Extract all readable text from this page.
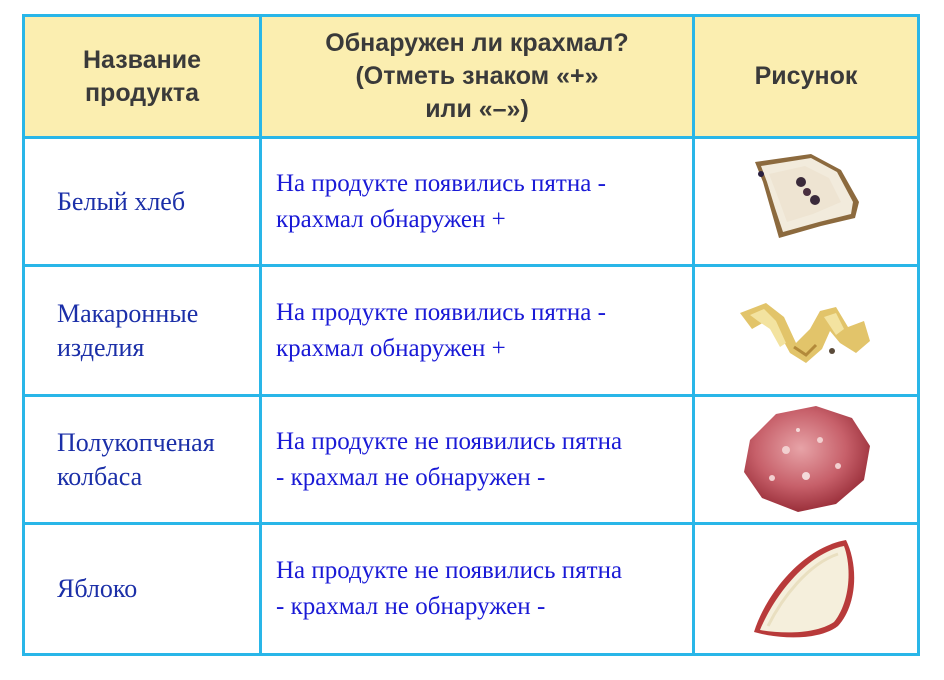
Название
продукта
Обнаружен ли крахмал?
(Отметь знаком «+»
или «–»)
Рисунок
Белый хлеб
На продукте появились пятна -
крахмал обнаружен +
Макаронные
изделия
На продукте появились пятна -
крахмал обнаружен +
Полукопченая
колбаса
На продукте не появились пятна
- крахмал не обнаружен -
Яблоко
На продукте не появились пятна
- крахмал не обнаружен -
